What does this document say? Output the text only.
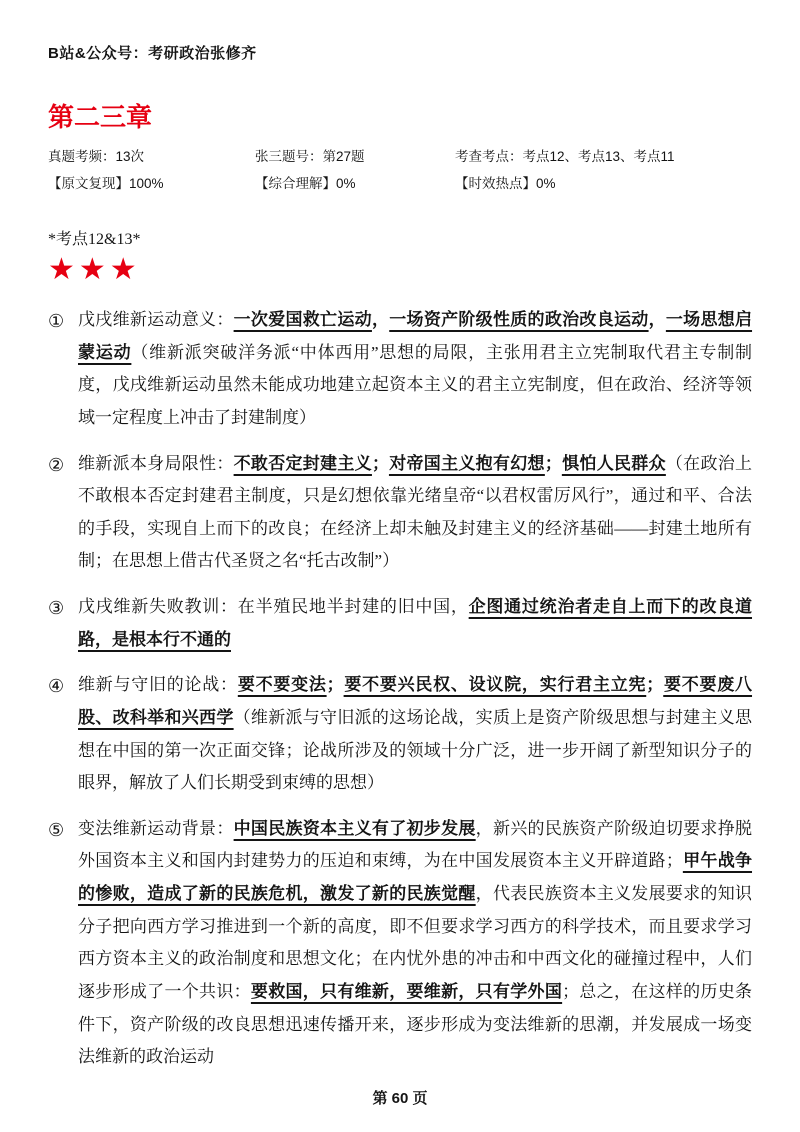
B站&公众号：考研政治张修齐
第二三章
真题考频：13次
【原文复现】100%
张三题号：第27题
【综合理解】0%
考查考点：考点12、考点13、考点11
【时效热点】0%
*考点12&13*
★★★
① 戊戌维新运动意义：一次爱国救亡运动，一场资产阶级性质的政治改良运动，一场思想启蒙运动（维新派突破洋务派“中体西用”思想的局限，主张用君主立宪制取代君主专制制度，戊戌维新运动虽然未能成功地建立起资本主义的君主立宪制度，但在政治、经济等领域一定程度上冲击了封建制度）
② 维新派本身局限性：不敢否定封建主义；对帝国主义抱有幻想；惧怕人民群众（在政治上不敢根本否定封建君主制度，只是幻想依靠光绪皇帝“以君权雷厉风行”，通过和平、合法的手段，实现自上而下的改良；在经济上却未触及封建主义的经济基础——封建土地所有制；在思想上借古代圣贤之名“托古改制”）
③ 戊戌维新失败教训：在半殖民地半封建的旧中国，企图通过统治者走自上而下的改良道路，是根本行不通的
④ 维新与守旧的论战：要不要变法；要不要兴民权、设议院，实行君主立宪；要不要废八股、改科举和兴西学（维新派与守旧派的这场论战，实质上是资产阶级思想与封建主义思想在中国的第一次正面交锋；论战所涉及的领域十分广泛，进一步开阔了新型知识分子的眼界，解放了人们长期受到束缚的思想）
⑤ 变法维新运动背景：中国民族资本主义有了初步发展，新兴的民族资产阶级迫切要求挣脱外国资本主义和国内封建势力的压迫和束缚，为在中国发展资本主义开辟道路；甲午战争的惨败，造成了新的民族危机，激发了新的民族觉醒，代表民族资本主义发展要求的知识分子把向西方学习推进到一个新的高度，即不但要求学习西方的科学技术，而且要求学习西方资本主义的政治制度和思想文化；在内忧外患的冲击和中西文化的碰撞过程中，人们逐步形成了一个共识：要救国，只有维新，要维新，只有学外国；总之，在这样的历史条件下，资产阶级的改良思想迅速传播开来，逐步形成为变法维新的思潮，并发展成一场变法维新的政治运动
第 60 页
